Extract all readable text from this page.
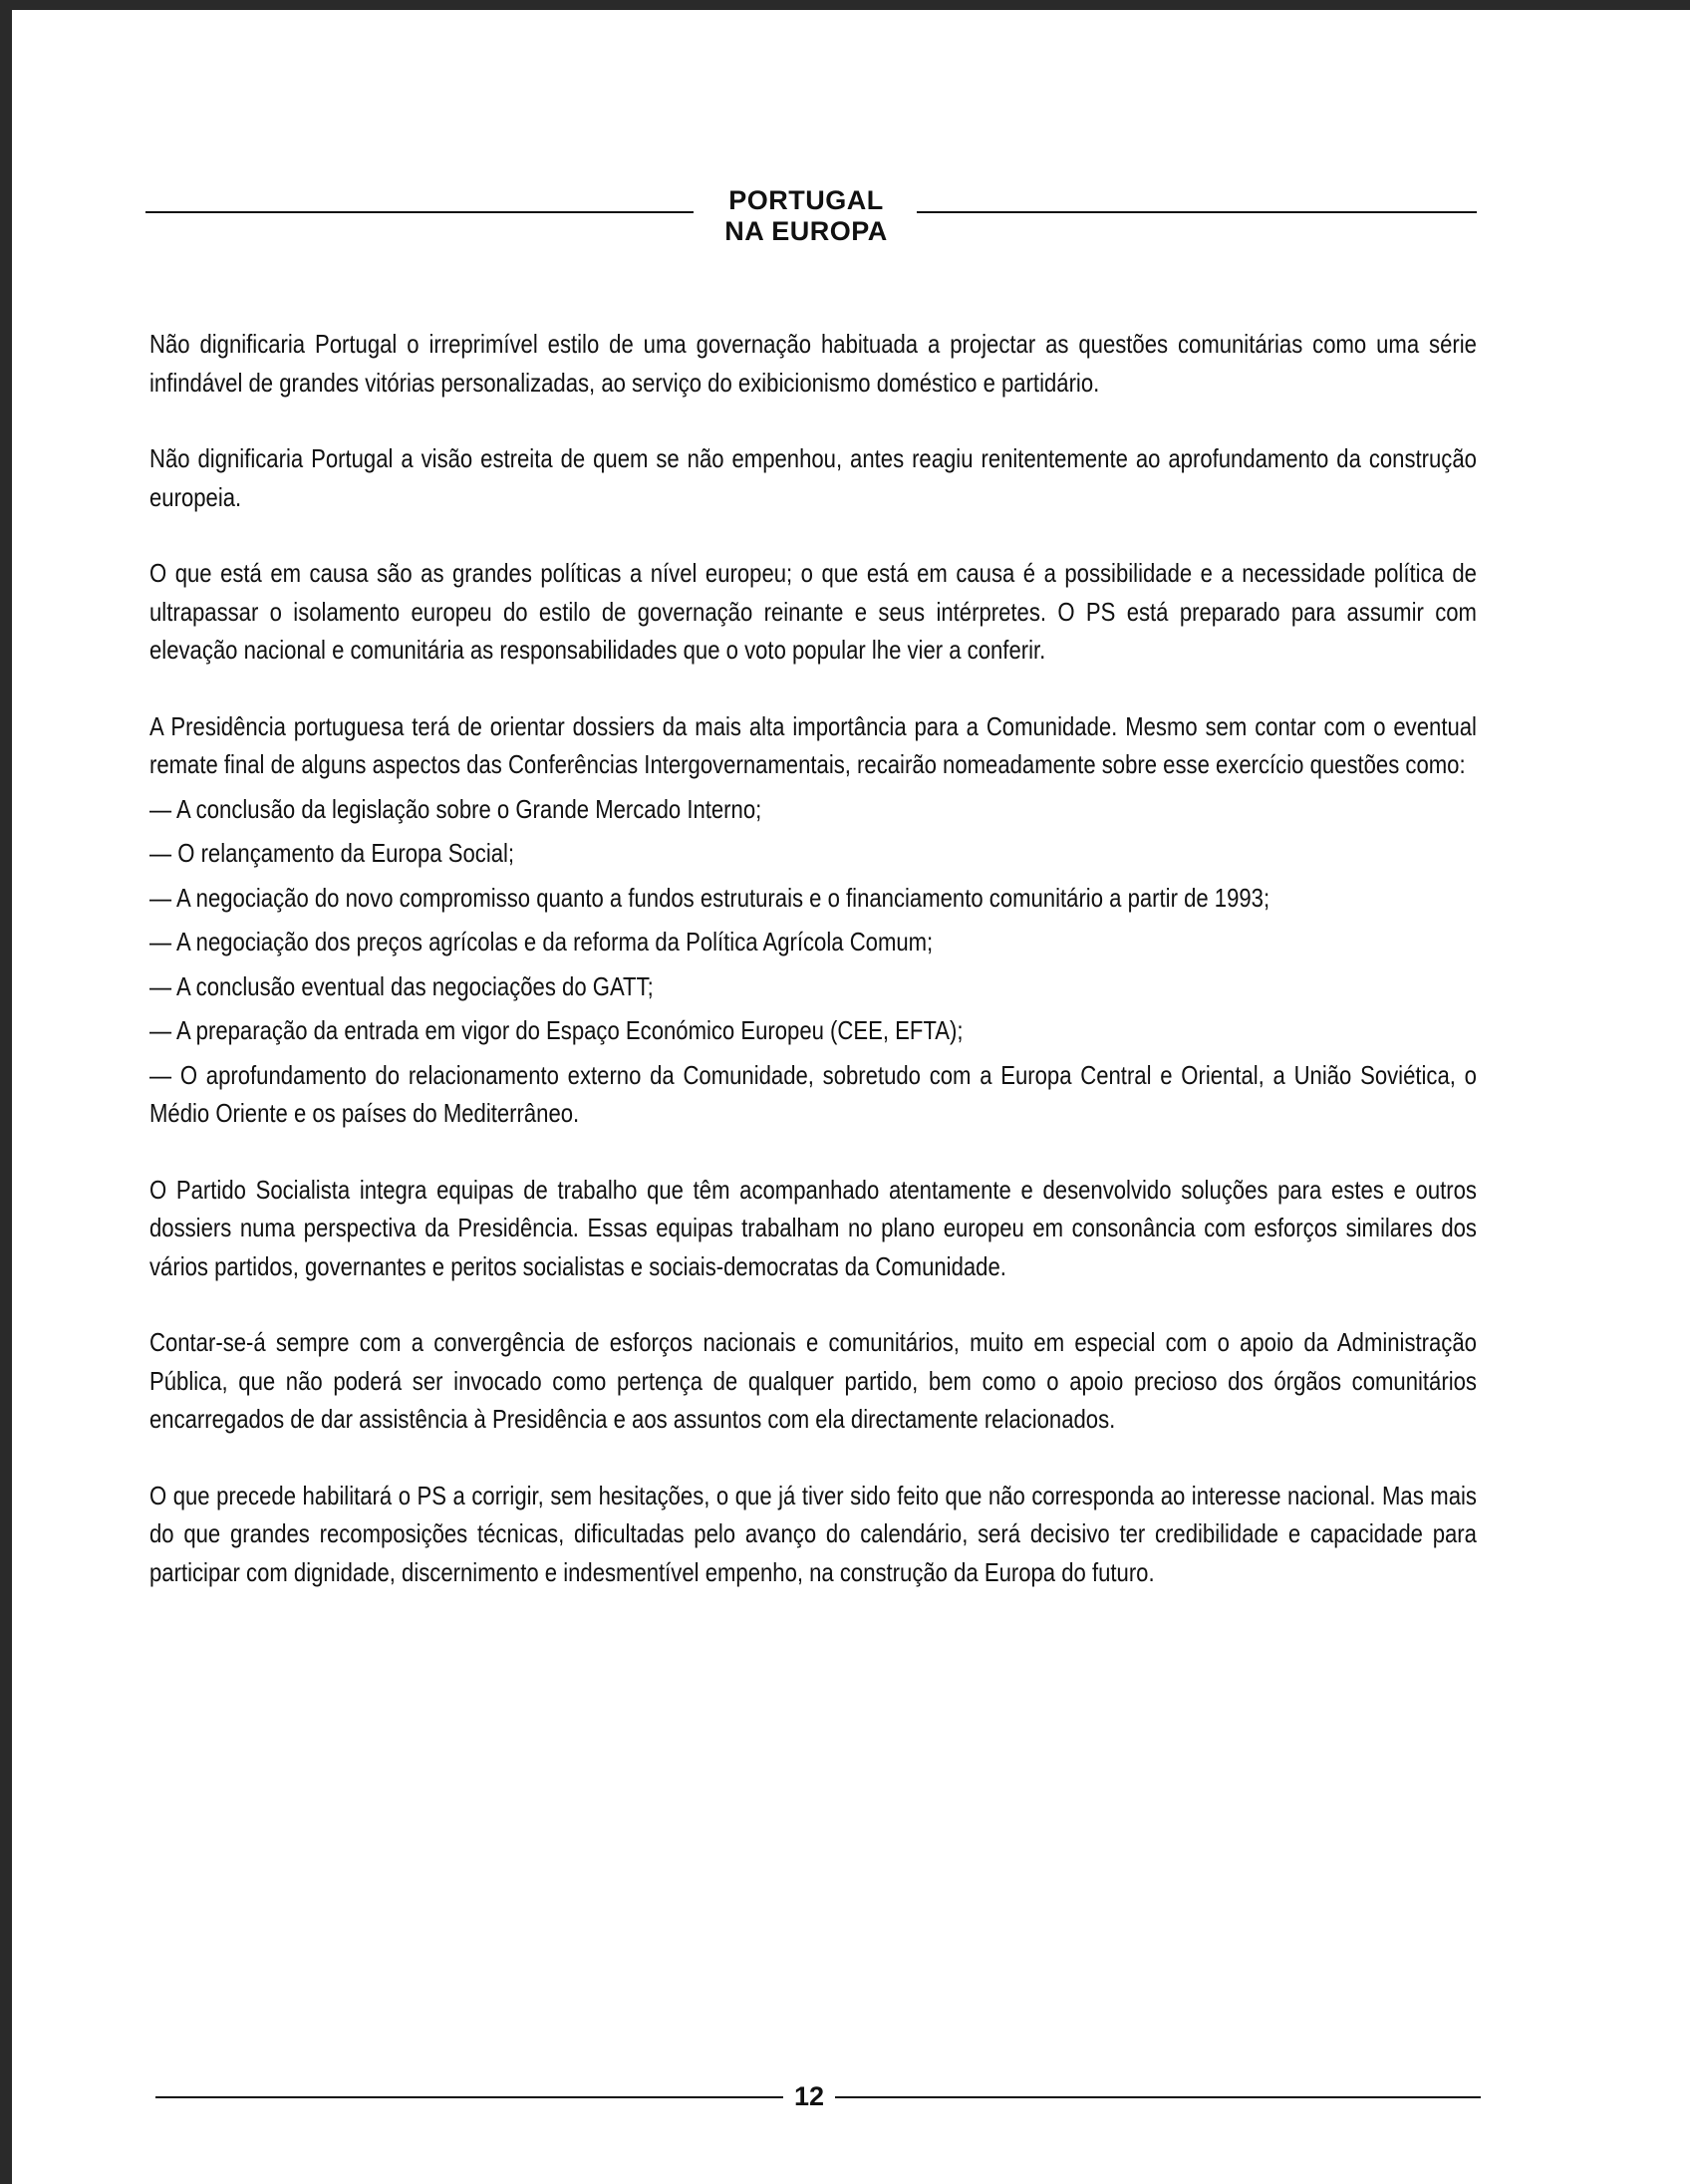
PORTUGAL
NA EUROPA

Não dignificaria Portugal o irreprimível estilo de uma governação habituada a projectar as questões comunitárias como uma série infindável de grandes vitórias personalizadas, ao serviço do exibicionismo doméstico e partidário.

Não dignificaria Portugal a visão estreita de quem se não empenhou, antes reagiu renitentemente ao aprofundamento da construção europeia.

O que está em causa são as grandes políticas a nível europeu; o que está em causa é a possibilidade e a necessidade política de ultrapassar o isolamento europeu do estilo de governação reinante e seus intérpretes. O PS está preparado para assumir com elevação nacional e comunitária as responsabilidades que o voto popular lhe vier a conferir.

A Presidência portuguesa terá de orientar dossiers da mais alta importância para a Comunidade. Mesmo sem contar com o eventual remate final de alguns aspectos das Conferências Intergovernamentais, recairão nomeadamente sobre esse exercício questões como:

— A conclusão da legislação sobre o Grande Mercado Interno;

— O relançamento da Europa Social;

— A negociação do novo compromisso quanto a fundos estruturais e o financiamento comunitário a partir de 1993;

— A negociação dos preços agrícolas e da reforma da Política Agrícola Comum;

— A conclusão eventual das negociações do GATT;

— A preparação da entrada em vigor do Espaço Económico Europeu (CEE, EFTA);

— O aprofundamento do relacionamento externo da Comunidade, sobretudo com a Europa Central e Oriental, a União Soviética, o Médio Oriente e os países do Mediterrâneo.

O Partido Socialista integra equipas de trabalho que têm acompanhado atentamente e desenvolvido soluções para estes e outros dossiers numa perspectiva da Presidência. Essas equipas trabalham no plano europeu em consonância com esforços similares dos vários partidos, governantes e peritos socialistas e sociais-democratas da Comunidade.

Contar-se-á sempre com a convergência de esforços nacionais e comunitários, muito em especial com o apoio da Administração Pública, que não poderá ser invocado como pertença de qualquer partido, bem como o apoio precioso dos órgãos comunitários encarregados de dar assistência à Presidência e aos assuntos com ela directamente relacionados.

O que precede habilitará o PS a corrigir, sem hesitações, o que já tiver sido feito que não corresponda ao interesse nacional. Mas mais do que grandes recomposições técnicas, dificultadas pelo avanço do calendário, será decisivo ter credibilidade e capacidade para participar com dignidade, discernimento e indesmentível empenho, na construção da Europa do futuro.

12
